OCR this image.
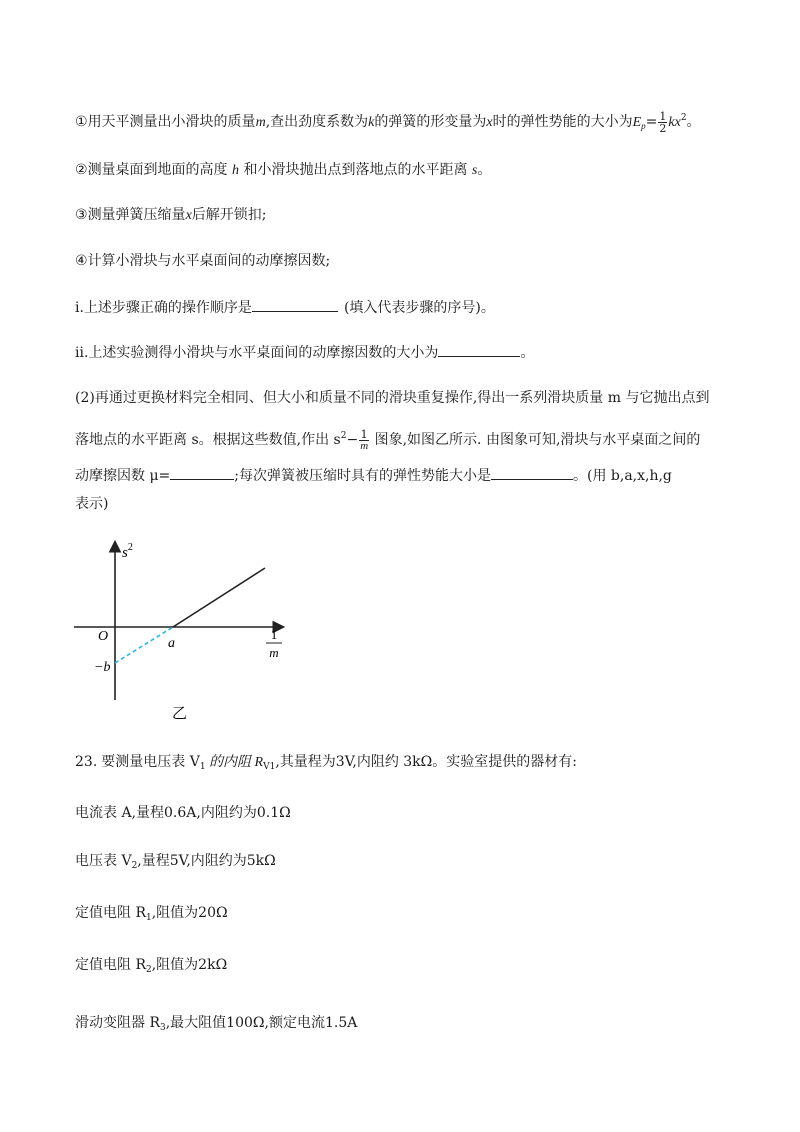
①用天平测量出小滑块的质量m,查出劲度系数为k的弹簧的形变量为x时的弹性势能的大小为$E_p= \frac{1}{2} kx^2$。
②测量桌面到地面的高度 h 和小滑块抛出点到落地点的水平距离 s。
③测量弹簧压缩量x后解开锁扣;
④计算小滑块与水平桌面间的动摩擦因数;
ⅰ.上述步骤正确的操作顺序是	(填入代表步骤的序号)。
ⅱ.上述实验测得小滑块与水平桌面间的动摩擦因数的大小为	。
(2)再通过更换材料完全相同、但大小和质量不同的滑块重复操作,得出一系列滑块质量 m 与它抛出点到
落地点的水平距离 s。根据这些数值,作出 $s^2- \frac{1}{m}$ 图象,如图乙所示. 由图象可知,滑块与水平桌面之间的
动摩擦因数 μ=	;每次弹簧被压缩时具有的弹性势能大小是	。(用 b,a,x,h,g
表示)
$s^2$
O	a
−b
1
m
乙
23. 要测量电压表 $V_1$ 的内阻 $R_{V1}$,其量程为3V,内阻约 3kΩ。实验室提供的器材有:
电流表 A,量程0.6A,内阻约为0.1Ω
电压表 $V_2$,量程5V,内阻约为5kΩ
定值电阻 $R_1$,阻值为20Ω
定值电阻 $R_2$,阻值为2kΩ
滑动变阻器 $R_3$,最大阻值100Ω,额定电流1.5A
